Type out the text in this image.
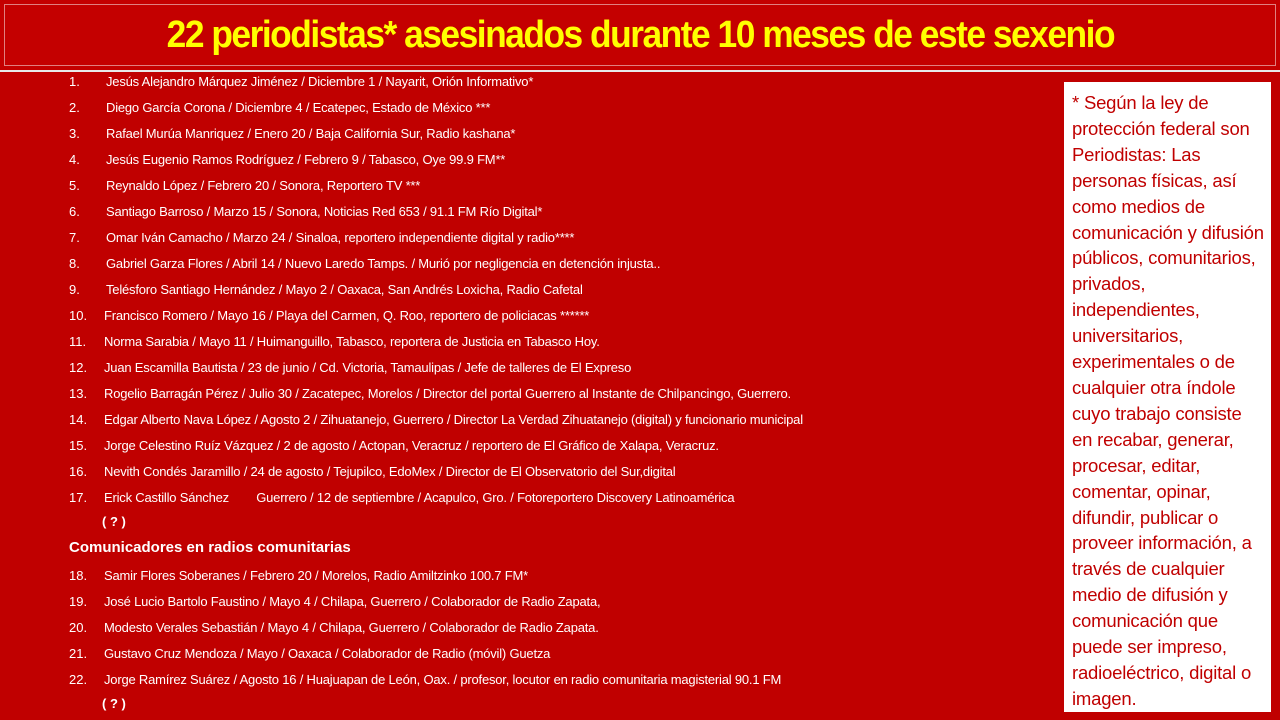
22 periodistas* asesinados durante 10 meses de este sexenio
1. Jesús Alejandro Márquez Jiménez / Diciembre 1 / Nayarit, Orión Informativo*
2. Diego García Corona / Diciembre 4 / Ecatepec, Estado de México ***
3. Rafael Murúa Manriquez / Enero 20 / Baja California Sur, Radio kashana*
4. Jesús Eugenio Ramos Rodríguez / Febrero 9 / Tabasco, Oye 99.9 FM**
5. Reynaldo López / Febrero 20 / Sonora, Reportero TV ***
6. Santiago Barroso / Marzo 15 / Sonora, Noticias Red 653 / 91.1 FM Río Digital*
7. Omar Iván Camacho / Marzo 24 / Sinaloa, reportero independiente digital y radio****
8. Gabriel Garza Flores / Abril 14 / Nuevo Laredo Tamps. / Murió por negligencia en detención injusta..
9. Telésforo Santiago Hernández / Mayo 2 / Oaxaca, San Andrés Loxicha, Radio Cafetal
10. Francisco Romero / Mayo 16 / Playa del Carmen, Q. Roo, reportero de policiacas ******
11. Norma Sarabia / Mayo 11 / Huimanguillo, Tabasco, reportera de Justicia en Tabasco Hoy.
12. Juan Escamilla Bautista / 23 de junio / Cd. Victoria, Tamaulipas / Jefe de talleres de El Expreso
13. Rogelio Barragán Pérez / Julio 30 / Zacatepec, Morelos / Director del portal Guerrero al Instante de Chilpancingo, Guerrero.
14. Edgar Alberto Nava López / Agosto 2 / Zihuatanejo, Guerrero / Director La Verdad Zihuatanejo (digital) y funcionario municipal
15. Jorge Celestino Ruíz Vázquez / 2 de agosto / Actopan, Veracruz / reportero de El Gráfico de Xalapa, Veracruz.
16. Nevith Condés Jaramillo / 24 de agosto / Tejupilco, EdoMex / Director de El Observatorio del Sur,digital
17. Erick Castillo Sánchez        Guerrero / 12 de septiembre / Acapulco, Gro. / Fotoreportero Discovery Latinoamérica
( ? )
Comunicadores en radios comunitarias
18. Samir Flores Soberanes / Febrero 20 / Morelos, Radio Amiltzinko 100.7 FM*
19. José Lucio Bartolo Faustino / Mayo 4 / Chilapa, Guerrero / Colaborador de Radio Zapata,
20. Modesto Verales Sebastián / Mayo 4 / Chilapa, Guerrero / Colaborador de Radio Zapata.
21. Gustavo Cruz Mendoza / Mayo / Oaxaca / Colaborador de Radio (móvil) Guetza
22. Jorge Ramírez Suárez / Agosto 16 / Huajuapan de León, Oax. / profesor, locutor en radio comunitaria magisterial 90.1 FM
( ? )
* Según la ley de protección federal son Periodistas: Las personas físicas, así como medios de comunicación y difusión públicos, comunitarios, privados, independientes, universitarios, experimentales o de cualquier otra índole cuyo trabajo consiste en recabar, generar, procesar, editar, comentar, opinar, difundir, publicar o proveer información, a través de cualquier medio de difusión y comunicación que puede ser impreso, radioeléctrico, digital o imagen.
